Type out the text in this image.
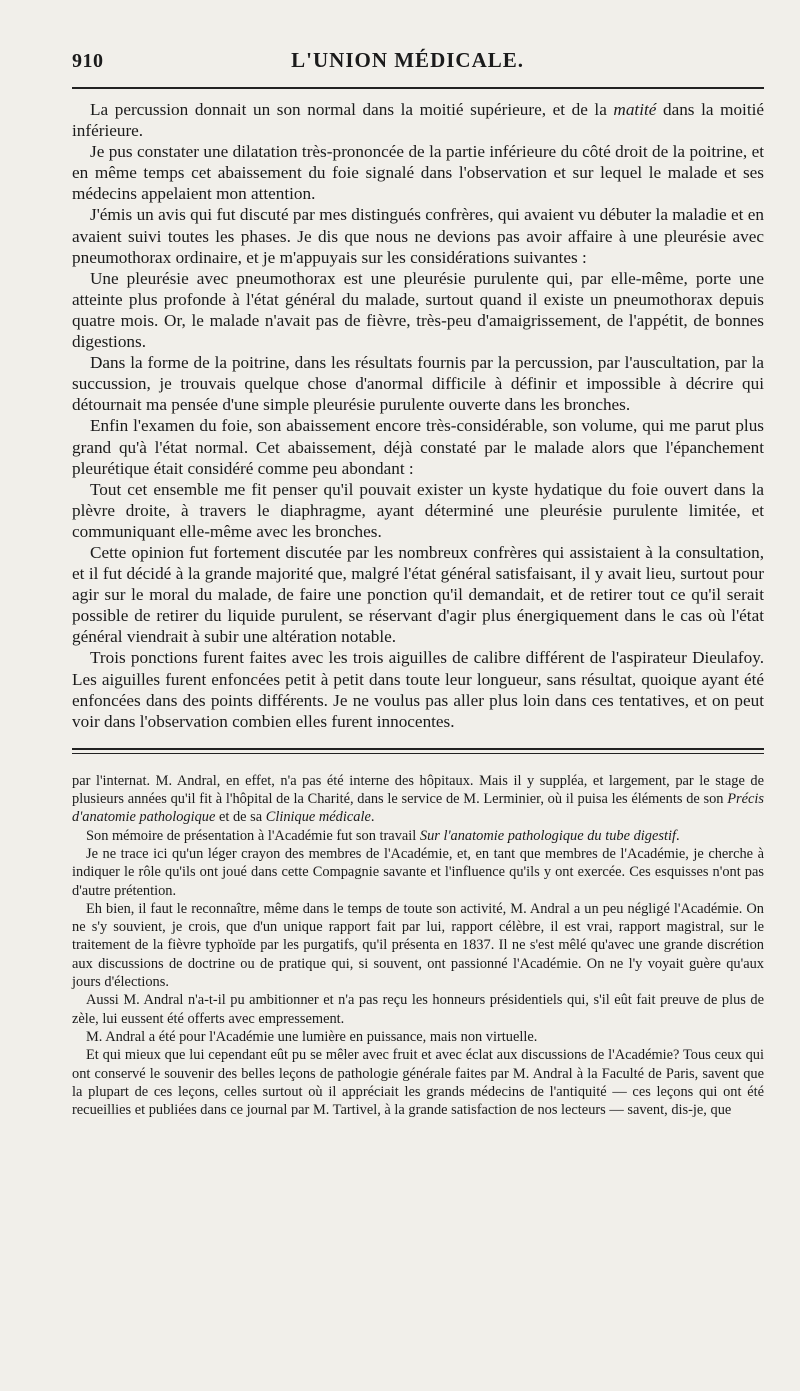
910	L'UNION MÉDICALE.

La percussion donnait un son normal dans la moitié supérieure, et de la matité dans la moitié inférieure.

Je pus constater une dilatation très-prononcée de la partie inférieure du côté droit de la poitrine, et en même temps cet abaissement du foie signalé dans l'observation et sur lequel le malade et ses médecins appelaient mon attention.

J'émis un avis qui fut discuté par mes distingués confrères, qui avaient vu débuter la maladie et en avaient suivi toutes les phases. Je dis que nous ne devions pas avoir affaire à une pleurésie avec pneumothorax ordinaire, et je m'appuyais sur les considérations suivantes :

Une pleurésie avec pneumothorax est une pleurésie purulente qui, par elle-même, porte une atteinte plus profonde à l'état général du malade, surtout quand il existe un pneumothorax depuis quatre mois. Or, le malade n'avait pas de fièvre, très-peu d'amaigrissement, de l'appétit, de bonnes digestions.

Dans la forme de la poitrine, dans les résultats fournis par la percussion, par l'auscultation, par la succussion, je trouvais quelque chose d'anormal difficile à définir et impossible à décrire qui détournait ma pensée d'une simple pleurésie purulente ouverte dans les bronches.

Enfin l'examen du foie, son abaissement encore très-considérable, son volume, qui me parut plus grand qu'à l'état normal. Cet abaissement, déjà constaté par le malade alors que l'épanchement pleurétique était considéré comme peu abondant :

Tout cet ensemble me fit penser qu'il pouvait exister un kyste hydatique du foie ouvert dans la plèvre droite, à travers le diaphragme, ayant déterminé une pleurésie purulente limitée, et communiquant elle-même avec les bronches.

Cette opinion fut fortement discutée par les nombreux confrères qui assistaient à la consultation, et il fut décidé à la grande majorité que, malgré l'état général satisfaisant, il y avait lieu, surtout pour agir sur le moral du malade, de faire une ponction qu'il demandait, et de retirer tout ce qu'il serait possible de retirer du liquide purulent, se réservant d'agir plus énergiquement dans le cas où l'état général viendrait à subir une altération notable.

Trois ponctions furent faites avec les trois aiguilles de calibre différent de l'aspirateur Dieulafoy. Les aiguilles furent enfoncées petit à petit dans toute leur longueur, sans résultat, quoique ayant été enfoncées dans des points différents. Je ne voulus pas aller plus loin dans ces tentatives, et on peut voir dans l'observation combien elles furent innocentes.

par l'internat. M. Andral, en effet, n'a pas été interne des hôpitaux. Mais il y suppléa, et largement, par le stage de plusieurs années qu'il fit à l'hôpital de la Charité, dans le service de M. Lerminier, où il puisa les éléments de son Précis d'anatomie pathologique et de sa Clinique médicale.

Son mémoire de présentation à l'Académie fut son travail Sur l'anatomie pathologique du tube digestif.

Je ne trace ici qu'un léger crayon des membres de l'Académie, et, en tant que membres de l'Académie, je cherche à indiquer le rôle qu'ils ont joué dans cette Compagnie savante et l'influence qu'ils y ont exercée. Ces esquisses n'ont pas d'autre prétention.

Eh bien, il faut le reconnaître, même dans le temps de toute son activité, M. Andral a un peu négligé l'Académie. On ne s'y souvient, je crois, que d'un unique rapport fait par lui, rapport célèbre, il est vrai, rapport magistral, sur le traitement de la fièvre typhoïde par les purgatifs, qu'il présenta en 1837. Il ne s'est mêlé qu'avec une grande discrétion aux discussions de doctrine ou de pratique qui, si souvent, ont passionné l'Académie. On ne l'y voyait guère qu'aux jours d'élections.

Aussi M. Andral n'a-t-il pu ambitionner et n'a pas reçu les honneurs présidentiels qui, s'il eût fait preuve de plus de zèle, lui eussent été offerts avec empressement.

M. Andral a été pour l'Académie une lumière en puissance, mais non virtuelle.

Et qui mieux que lui cependant eût pu se mêler avec fruit et avec éclat aux discussions de l'Académie? Tous ceux qui ont conservé le souvenir des belles leçons de pathologie générale faites par M. Andral à la Faculté de Paris, savent que la plupart de ces leçons, celles surtout où il appréciait les grands médecins de l'antiquité — ces leçons qui ont été recueillies et publiées dans ce journal par M. Tartivel, à la grande satisfaction de nos lecteurs — savent, dis-je, que
